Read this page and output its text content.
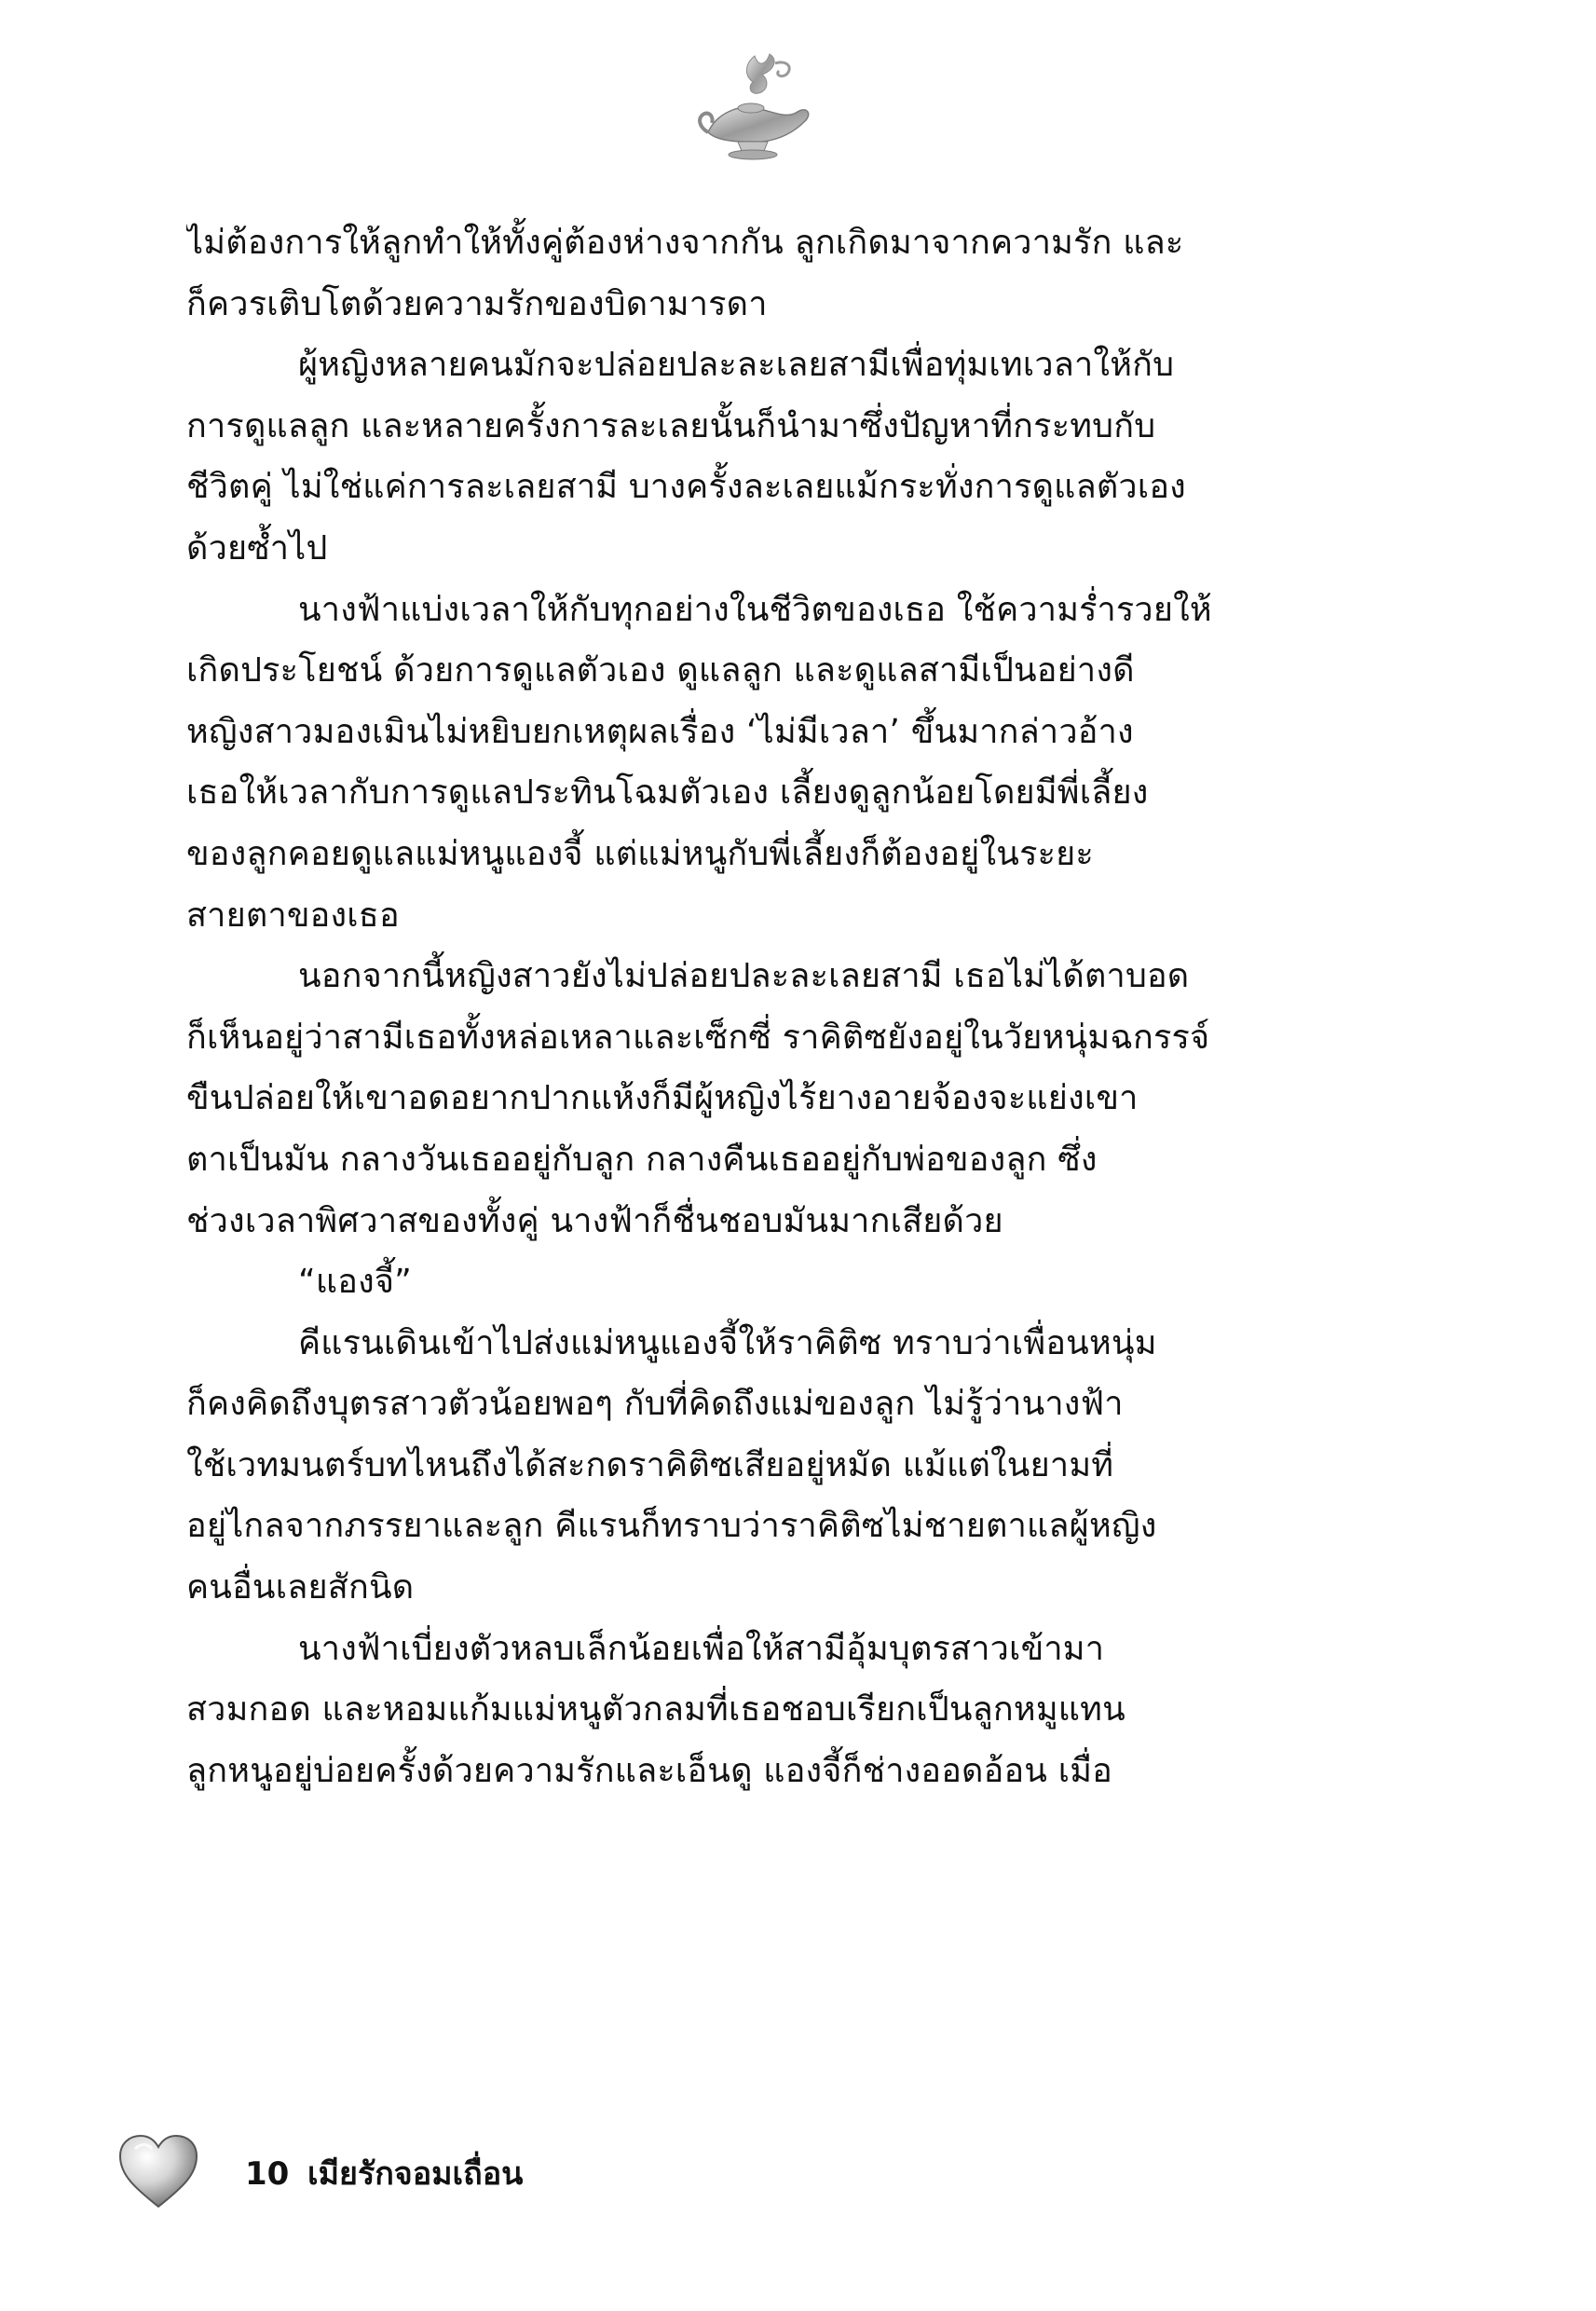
ไม่ต้องการให้ลูกทำให้ทั้งคู่ต้องห่างจากกัน ลูกเกิดมาจากความรัก และ
ก็ควรเติบโตด้วยความรักของบิดามารดา
ผู้หญิงหลายคนมักจะปล่อยปละละเลยสามีเพื่อทุ่มเทเวลาให้กับ
การดูแลลูก และหลายครั้งการละเลยนั้นก็นำมาซึ่งปัญหาที่กระทบกับ
ชีวิตคู่ ไม่ใช่แค่การละเลยสามี บางครั้งละเลยแม้กระทั่งการดูแลตัวเอง
ด้วยซ้ำไป
นางฟ้าแบ่งเวลาให้กับทุกอย่างในชีวิตของเธอ ใช้ความร่ำรวยให้
เกิดประโยชน์ ด้วยการดูแลตัวเอง ดูแลลูก และดูแลสามีเป็นอย่างดี
หญิงสาวมองเมินไม่หยิบยกเหตุผลเรื่อง ‘ไม่มีเวลา’ ขึ้นมากล่าวอ้าง
เธอให้เวลากับการดูแลประทินโฉมตัวเอง เลี้ยงดูลูกน้อยโดยมีพี่เลี้ยง
ของลูกคอยดูแลแม่หนูแองจี้ แต่แม่หนูกับพี่เลี้ยงก็ต้องอยู่ในระยะ
สายตาของเธอ
นอกจากนี้หญิงสาวยังไม่ปล่อยปละละเลยสามี เธอไม่ได้ตาบอด
ก็เห็นอยู่ว่าสามีเธอทั้งหล่อเหลาและเซ็กซี่ ราคิติซยังอยู่ในวัยหนุ่มฉกรรจ์
ขืนปล่อยให้เขาอดอยากปากแห้งก็มีผู้หญิงไร้ยางอายจ้องจะแย่งเขา
ตาเป็นมัน กลางวันเธออยู่กับลูก กลางคืนเธออยู่กับพ่อของลูก ซึ่ง
ช่วงเวลาพิศวาสของทั้งคู่ นางฟ้าก็ชื่นชอบมันมากเสียด้วย
“แองจี้”
คีแรนเดินเข้าไปส่งแม่หนูแองจี้ให้ราคิติซ ทราบว่าเพื่อนหนุ่ม
ก็คงคิดถึงบุตรสาวตัวน้อยพอๆ กับที่คิดถึงแม่ของลูก ไม่รู้ว่านางฟ้า
ใช้เวทมนตร์บทไหนถึงได้สะกดราคิติซเสียอยู่หมัด แม้แต่ในยามที่
อยู่ไกลจากภรรยาและลูก คีแรนก็ทราบว่าราคิติซไม่ชายตาแลผู้หญิง
คนอื่นเลยสักนิด
นางฟ้าเบี่ยงตัวหลบเล็กน้อยเพื่อให้สามีอุ้มบุตรสาวเข้ามา
สวมกอด และหอมแก้มแม่หนูตัวกลมที่เธอชอบเรียกเป็นลูกหมูแทน
ลูกหนูอยู่บ่อยครั้งด้วยความรักและเอ็นดู แองจี้ก็ช่างออดอ้อน เมื่อ
10 เมียรักจอมเถื่อน
